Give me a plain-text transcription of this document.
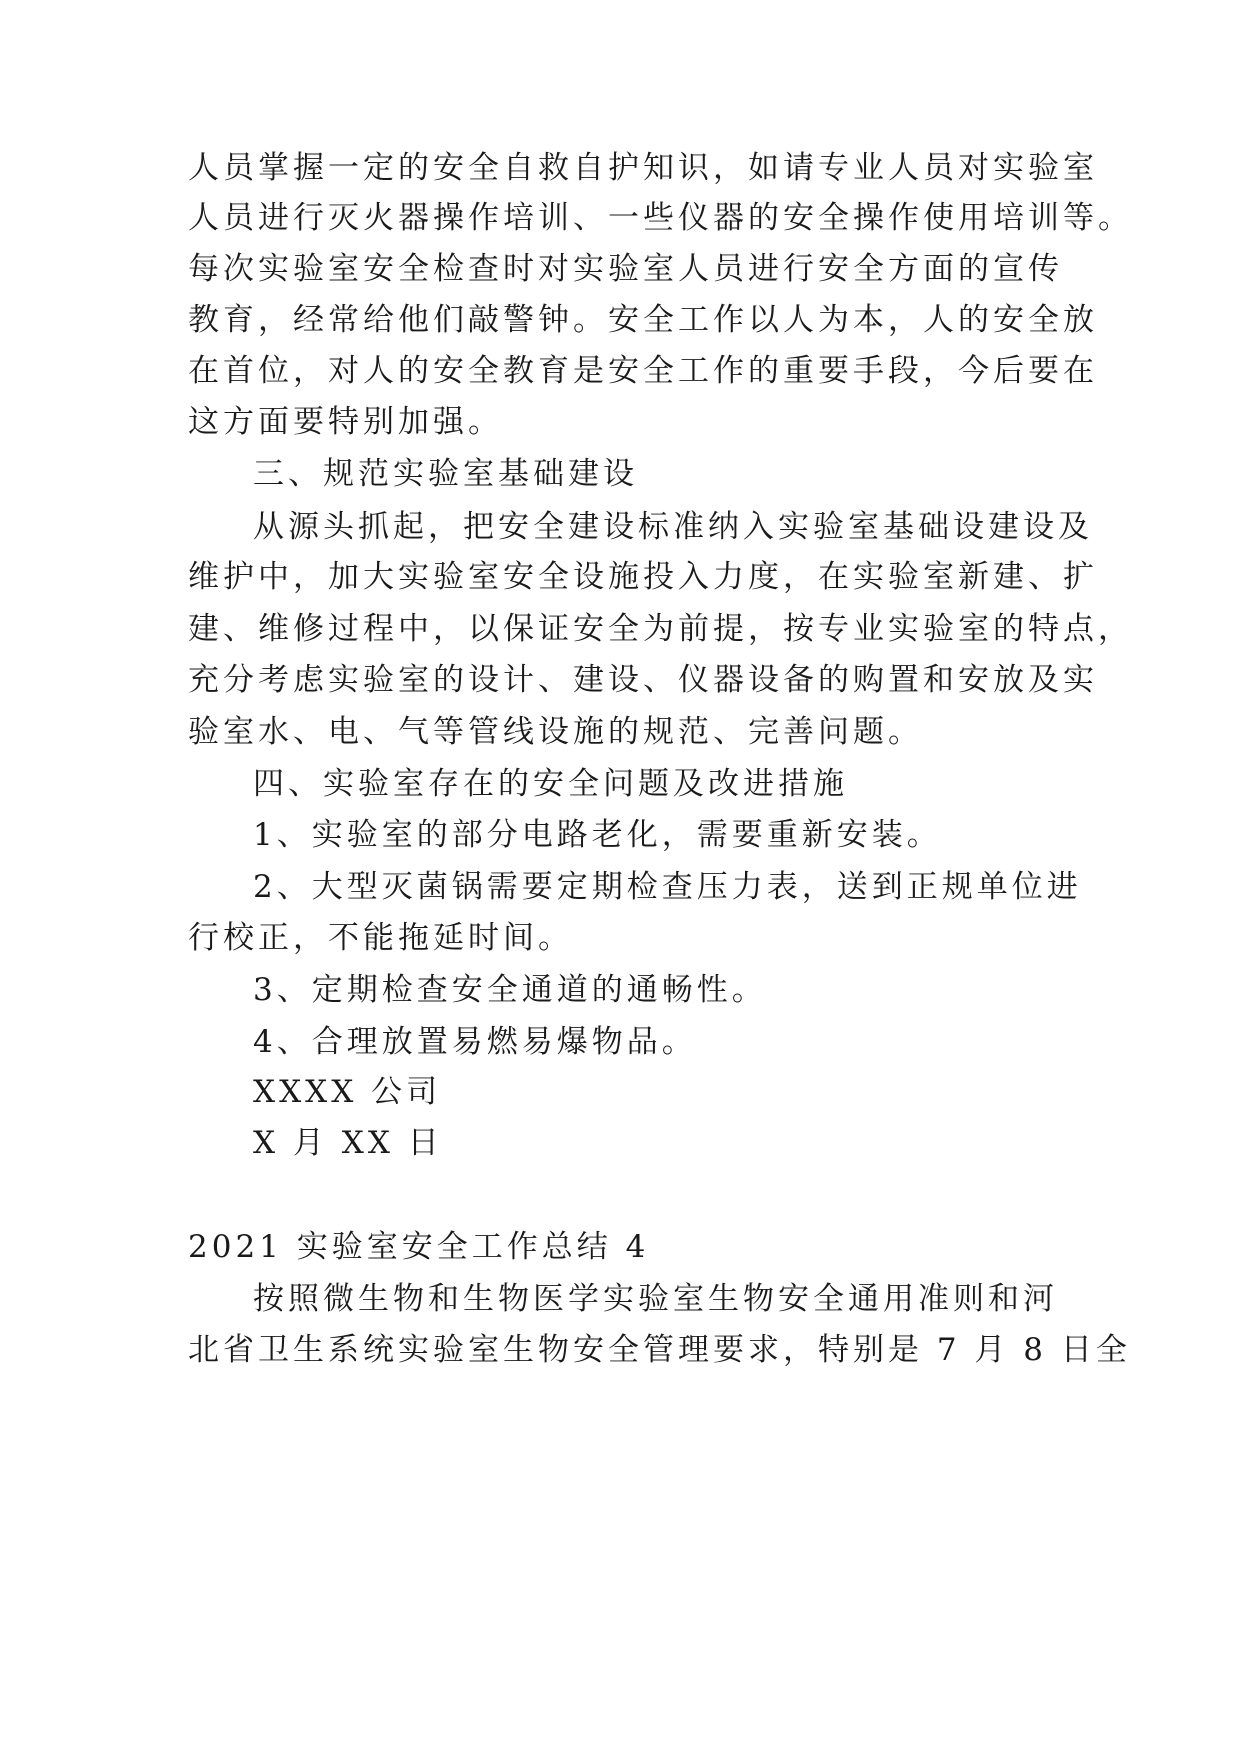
人员掌握一定的安全自救自护知识，如请专业人员对实验室
人员进行灭火器操作培训、一些仪器的安全操作使用培训等。
每次实验室安全检查时对实验室人员进行安全方面的宣传
教育，经常给他们敲警钟。安全工作以人为本，人的安全放
在首位，对人的安全教育是安全工作的重要手段，今后要在
这方面要特别加强。
三、规范实验室基础建设
从源头抓起，把安全建设标准纳入实验室基础设建设及
维护中，加大实验室安全设施投入力度，在实验室新建、扩
建、维修过程中，以保证安全为前提，按专业实验室的特点，
充分考虑实验室的设计、建设、仪器设备的购置和安放及实
验室水、电、气等管线设施的规范、完善问题。
四、实验室存在的安全问题及改进措施
1、实验室的部分电路老化，需要重新安装。
2、大型灭菌锅需要定期检查压力表，送到正规单位进
行校正，不能拖延时间。
3、定期检查安全通道的通畅性。
4、合理放置易燃易爆物品。
XXXX 公司
X 月 XX 日
2021 实验室安全工作总结 4
按照微生物和生物医学实验室生物安全通用准则和河
北省卫生系统实验室生物安全管理要求，特别是 7 月 8 日全
